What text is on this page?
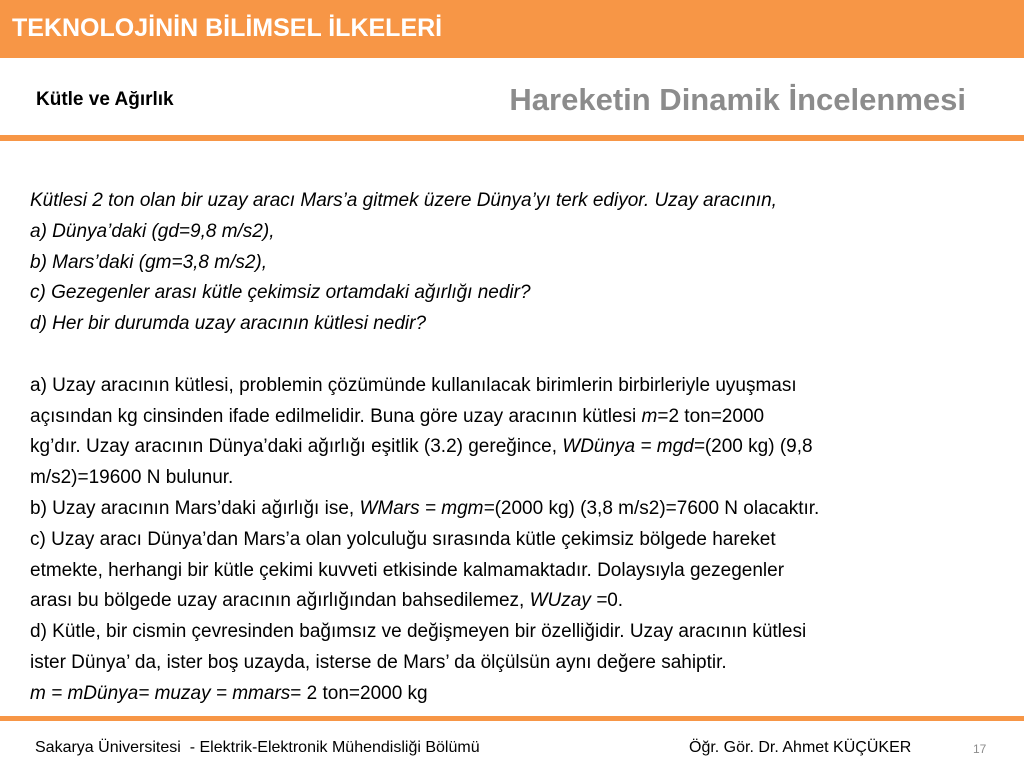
TEKNOLOJİNİN BİLİMSEL İLKELERİ
Kütle ve Ağırlık	Hareketin Dinamik İncelenmesi
Kütlesi 2 ton olan bir uzay aracı Mars’a gitmek üzere Dünya’yı terk ediyor. Uzay aracının,
a) Dünya’daki (gd=9,8 m/s2),
b) Mars’daki (gm=3,8 m/s2),
c) Gezegenler arası kütle çekimsiz ortamdaki ağırlığı nedir?
d) Her bir durumda uzay aracının kütlesi nedir?
a) Uzay aracının kütlesi, problemin çözümünde kullanılacak birimlerin birbirleriyle uyuşması
açısından kg cinsinden ifade edilmelidir. Buna göre uzay aracının kütlesi m=2 ton=2000
kg’dır. Uzay aracının Dünya’daki ağırlığı eşitlik (3.2) gereğince, WDünya = mgd=(200 kg) (9,8
m/s2)=19600 N bulunur.
b) Uzay aracının Mars’daki ağırlığı ise, WMars = mgm=(2000 kg) (3,8 m/s2)=7600 N olacaktır.
c) Uzay aracı Dünya’dan Mars’a olan yolculuğu sırasında kütle çekimsiz bölgede hareket
etmekte, herhangi bir kütle çekimi kuvveti etkisinde kalmamaktadır. Dolaysıyla gezegenler
arası bu bölgede uzay aracının ağırlığından bahsedilemez, WUzay =0.
d) Kütle, bir cismin çevresinden bağımsız ve değişmeyen bir özelliğidir. Uzay aracının kütlesi
ister Dünya’ da, ister boş uzayda, isterse de Mars’ da ölçülsün aynı değere sahiptir.
m = mDünya= muzay = mmars= 2 ton=2000 kg
Sakarya Üniversitesi  - Elektrik-Elektronik Mühendisliği Bölümü	Öğr. Gör. Dr. Ahmet KÜÇÜKER	17
